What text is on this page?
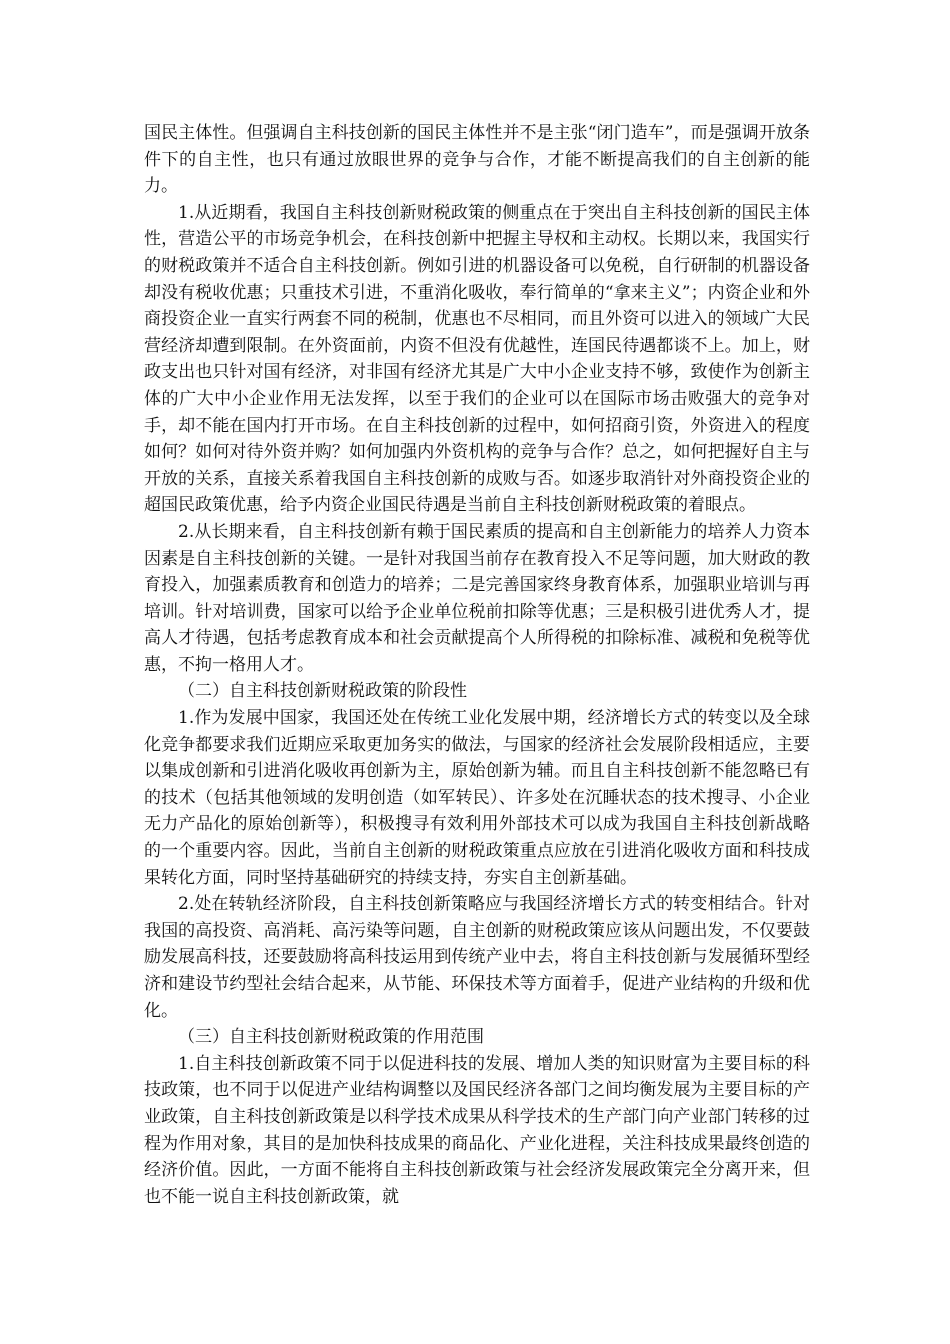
国民主体性。但强调自主科技创新的国民主体性并不是主张“闭门造车”，而是强调开放条件下的自主性，也只有通过放眼世界的竞争与合作，才能不断提高我们的自主创新的能力。

1.从近期看，我国自主科技创新财税政策的侧重点在于突出自主科技创新的国民主体性，营造公平的市场竞争机会，在科技创新中把握主导权和主动权。长期以来，我国实行的财税政策并不适合自主科技创新。例如引进的机器设备可以免税，自行研制的机器设备却没有税收优惠；只重技术引进，不重消化吸收，奉行简单的“拿来主义”；内资企业和外商投资企业一直实行两套不同的税制，优惠也不尽相同，而且外资可以进入的领域广大民营经济却遭到限制。在外资面前，内资不但没有优越性，连国民待遇都谈不上。加上，财政支出也只针对国有经济，对非国有经济尤其是广大中小企业支持不够，致使作为创新主体的广大中小企业作用无法发挥，以至于我们的企业可以在国际市场击败强大的竞争对手，却不能在国内打开市场。在自主科技创新的过程中，如何招商引资，外资进入的程度如何？如何对待外资并购？如何加强内外资机构的竞争与合作？总之，如何把握好自主与开放的关系，直接关系着我国自主科技创新的成败与否。如逐步取消针对外商投资企业的超国民政策优惠，给予内资企业国民待遇是当前自主科技创新财税政策的着眼点。

2.从长期来看，自主科技创新有赖于国民素质的提高和自主创新能力的培养人力资本因素是自主科技创新的关键。一是针对我国当前存在教育投入不足等问题，加大财政的教育投入，加强素质教育和创造力的培养；二是完善国家终身教育体系，加强职业培训与再培训。针对培训费，国家可以给予企业单位税前扣除等优惠；三是积极引进优秀人才，提高人才待遇，包括考虑教育成本和社会贡献提高个人所得税的扣除标准、减税和免税等优惠，不拘一格用人才。

（二）自主科技创新财税政策的阶段性

1.作为发展中国家，我国还处在传统工业化发展中期，经济增长方式的转变以及全球化竞争都要求我们近期应采取更加务实的做法，与国家的经济社会发展阶段相适应，主要以集成创新和引进消化吸收再创新为主，原始创新为辅。而且自主科技创新不能忽略已有的技术（包括其他领域的发明创造（如军转民）、许多处在沉睡状态的技术搜寻、小企业无力产品化的原始创新等），积极搜寻有效利用外部技术可以成为我国自主科技创新战略的一个重要内容。因此，当前自主创新的财税政策重点应放在引进消化吸收方面和科技成果转化方面，同时坚持基础研究的持续支持，夯实自主创新基础。

2.处在转轨经济阶段，自主科技创新策略应与我国经济增长方式的转变相结合。针对我国的高投资、高消耗、高污染等问题，自主创新的财税政策应该从问题出发，不仅要鼓励发展高科技，还要鼓励将高科技运用到传统产业中去，将自主科技创新与发展循环型经济和建设节约型社会结合起来，从节能、环保技术等方面着手，促进产业结构的升级和优化。

（三）自主科技创新财税政策的作用范围

1.自主科技创新政策不同于以促进科技的发展、增加人类的知识财富为主要目标的科技政策，也不同于以促进产业结构调整以及国民经济各部门之间均衡发展为主要目标的产业政策，自主科技创新政策是以科学技术成果从科学技术的生产部门向产业部门转移的过程为作用对象，其目的是加快科技成果的商品化、产业化进程，关注科技成果最终创造的经济价值。因此，一方面不能将自主科技创新政策与社会经济发展政策完全分离开来，但也不能一说自主科技创新政策，就
